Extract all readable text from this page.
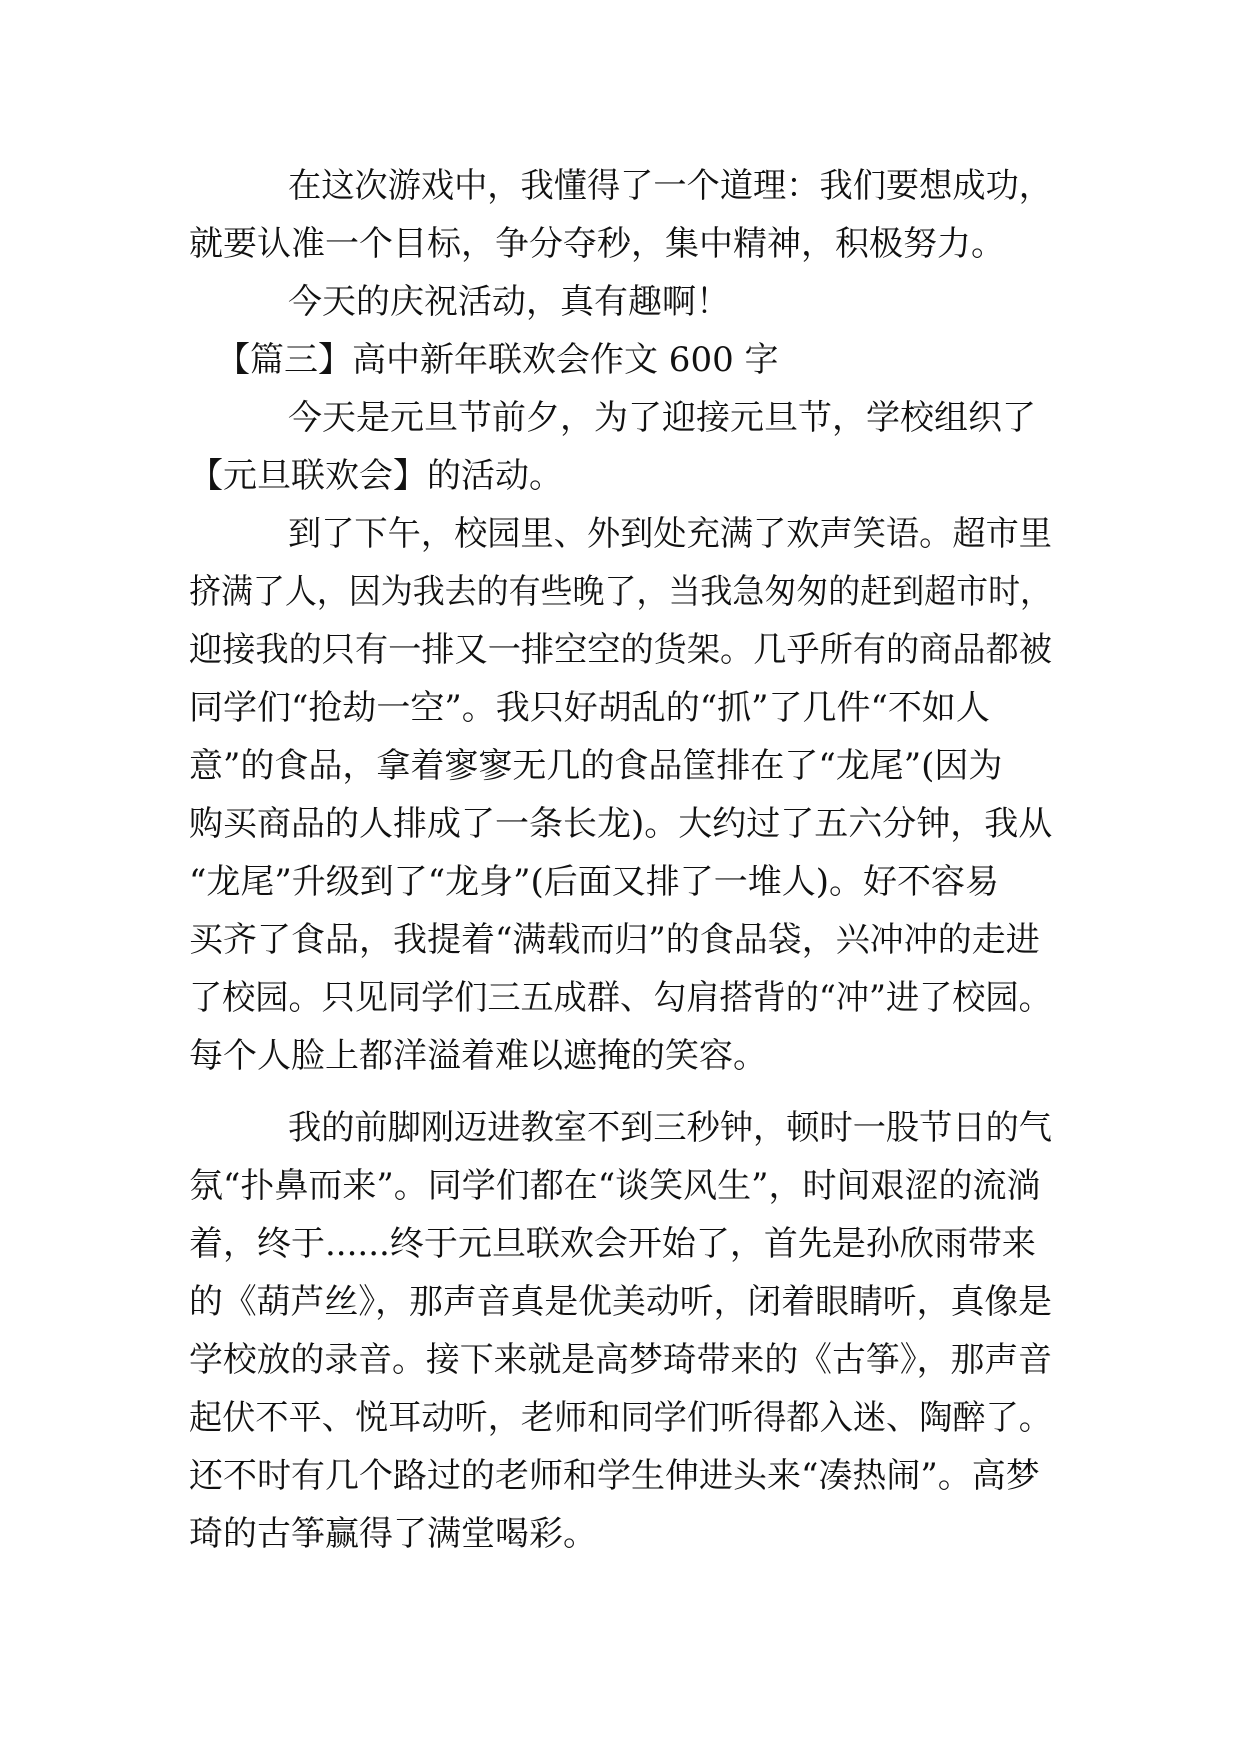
在这次游戏中，我懂得了一个道理：我们要想成功，
就要认准一个目标，争分夺秒，集中精神，积极努力。
今天的庆祝活动，真有趣啊！
【篇三】高中新年联欢会作文 600 字
今天是元旦节前夕，为了迎接元旦节，学校组织了
【元旦联欢会】的活动。
到了下午，校园里、外到处充满了欢声笑语。超市里
挤满了人，因为我去的有些晚了，当我急匆匆的赶到超市时，
迎接我的只有一排又一排空空的货架。几乎所有的商品都被
同学们“抢劫一空”。我只好胡乱的“抓”了几件“不如人
意”的食品，拿着寥寥无几的食品筐排在了“龙尾”(因为
购买商品的人排成了一条长龙)。大约过了五六分钟，我从
“龙尾”升级到了“龙身”(后面又排了一堆人)。好不容易
买齐了食品，我提着“满载而归”的食品袋，兴冲冲的走进
了校园。只见同学们三五成群、勾肩搭背的“冲”进了校园。
每个人脸上都洋溢着难以遮掩的笑容。
我的前脚刚迈进教室不到三秒钟，顿时一股节日的气
氛“扑鼻而来”。同学们都在“谈笑风生”，时间艰涩的流淌
着，终于......终于元旦联欢会开始了，首先是孙欣雨带来
的《葫芦丝》，那声音真是优美动听，闭着眼睛听，真像是
学校放的录音。接下来就是高梦琦带来的《古筝》，那声音
起伏不平、悦耳动听，老师和同学们听得都入迷、陶醉了。
还不时有几个路过的老师和学生伸进头来“凑热闹”。高梦
琦的古筝赢得了满堂喝彩。
